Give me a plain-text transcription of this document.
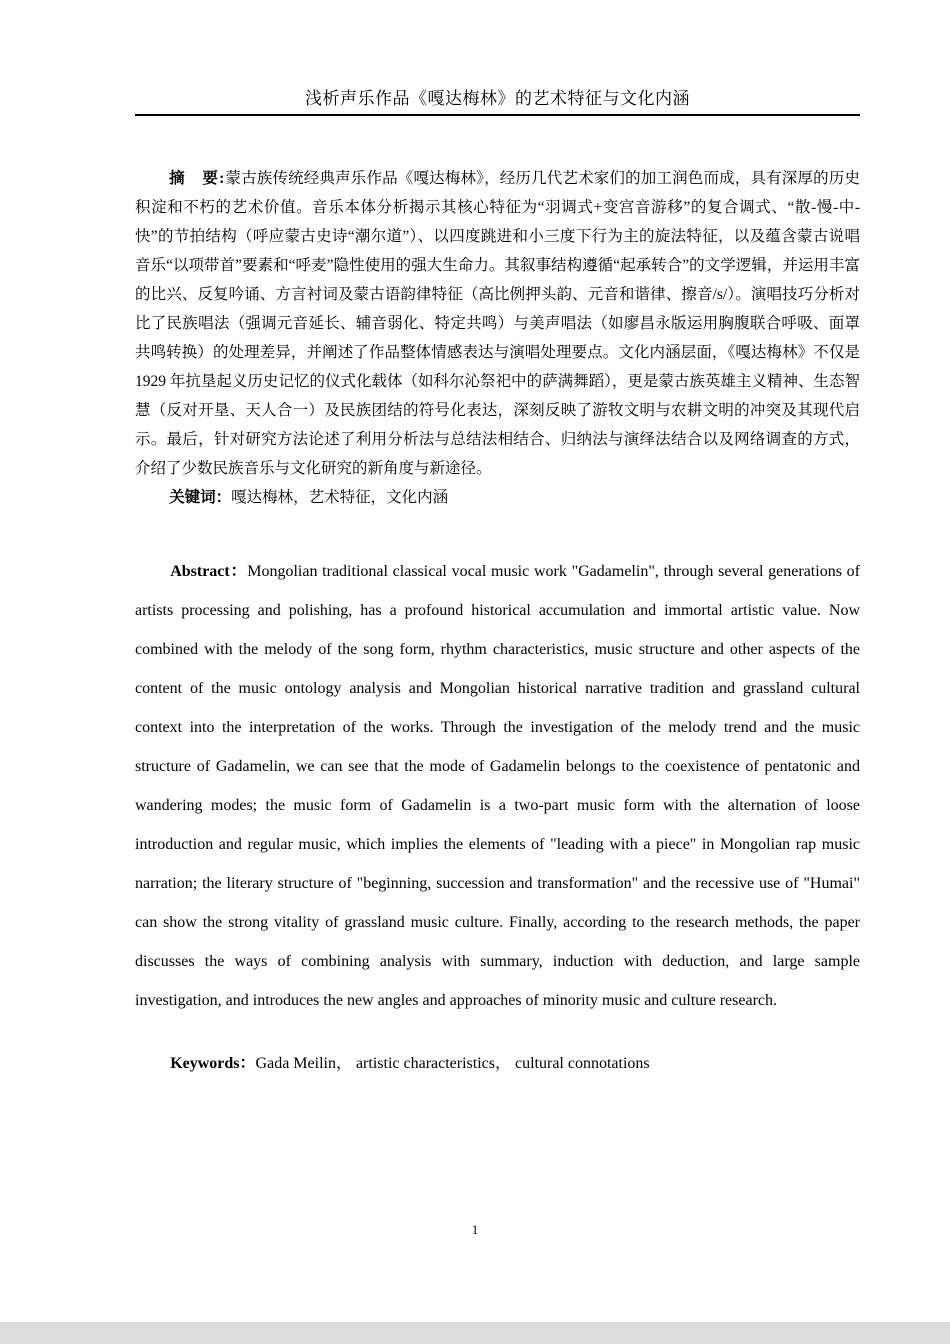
浅析声乐作品《嘎达梅林》的艺术特征与文化内涵

摘　要:蒙古族传统经典声乐作品《嘎达梅林》，经历几代艺术家们的加工润色而成，具有深厚的历史积淀和不朽的艺术价值。音乐本体分析揭示其核心特征为“羽调式+变宫音游移”的复合调式、“散-慢-中-快”的节拍结构（呼应蒙古史诗“潮尔道”）、以四度跳进和小三度下行为主的旋法特征，以及蕴含蒙古说唱音乐“以项带首”要素和“呼麦”隐性使用的强大生命力。其叙事结构遵循“起承转合”的文学逻辑，并运用丰富的比兴、反复吟诵、方言衬词及蒙古语韵律特征（高比例押头韵、元音和谐律、擦音/s/）。演唱技巧分析对比了民族唱法（强调元音延长、辅音弱化、特定共鸣）与美声唱法（如廖昌永版运用胸腹联合呼吸、面罩共鸣转换）的处理差异，并阐述了作品整体情感表达与演唱处理要点。文化内涵层面，《嘎达梅林》不仅是 1929 年抗垦起义历史记忆的仪式化载体（如科尔沁祭祀中的萨满舞蹈），更是蒙古族英雄主义精神、生态智慧（反对开垦、天人合一）及民族团结的符号化表达，深刻反映了游牧文明与农耕文明的冲突及其现代启示。最后，针对研究方法论述了利用分析法与总结法相结合、归纳法与演绎法结合以及网络调查的方式，介绍了少数民族音乐与文化研究的新角度与新途径。

关键词：嘎达梅林，艺术特征，文化内涵

Abstract：Mongolian traditional classical vocal music work "Gadamelin", through several generations of artists processing and polishing, has a profound historical accumulation and immortal artistic value. Now combined with the melody of the song form, rhythm characteristics, music structure and other aspects of the content of the music ontology analysis and Mongolian historical narrative tradition and grassland cultural context into the interpretation of the works. Through the investigation of the melody trend and the music structure of Gadamelin, we can see that the mode of Gadamelin belongs to the coexistence of pentatonic and wandering modes; the music form of Gadamelin is a two-part music form with the alternation of loose introduction and regular music, which implies the elements of "leading with a piece" in Mongolian rap music narration; the literary structure of "beginning, succession and transformation" and the recessive use of "Humai" can show the strong vitality of grassland music culture. Finally, according to the research methods, the paper discusses the ways of combining analysis with summary, induction with deduction, and large sample investigation, and introduces the new angles and approaches of minority music and culture research.

Keywords：Gada Meilin， artistic characteristics， cultural connotations

1
